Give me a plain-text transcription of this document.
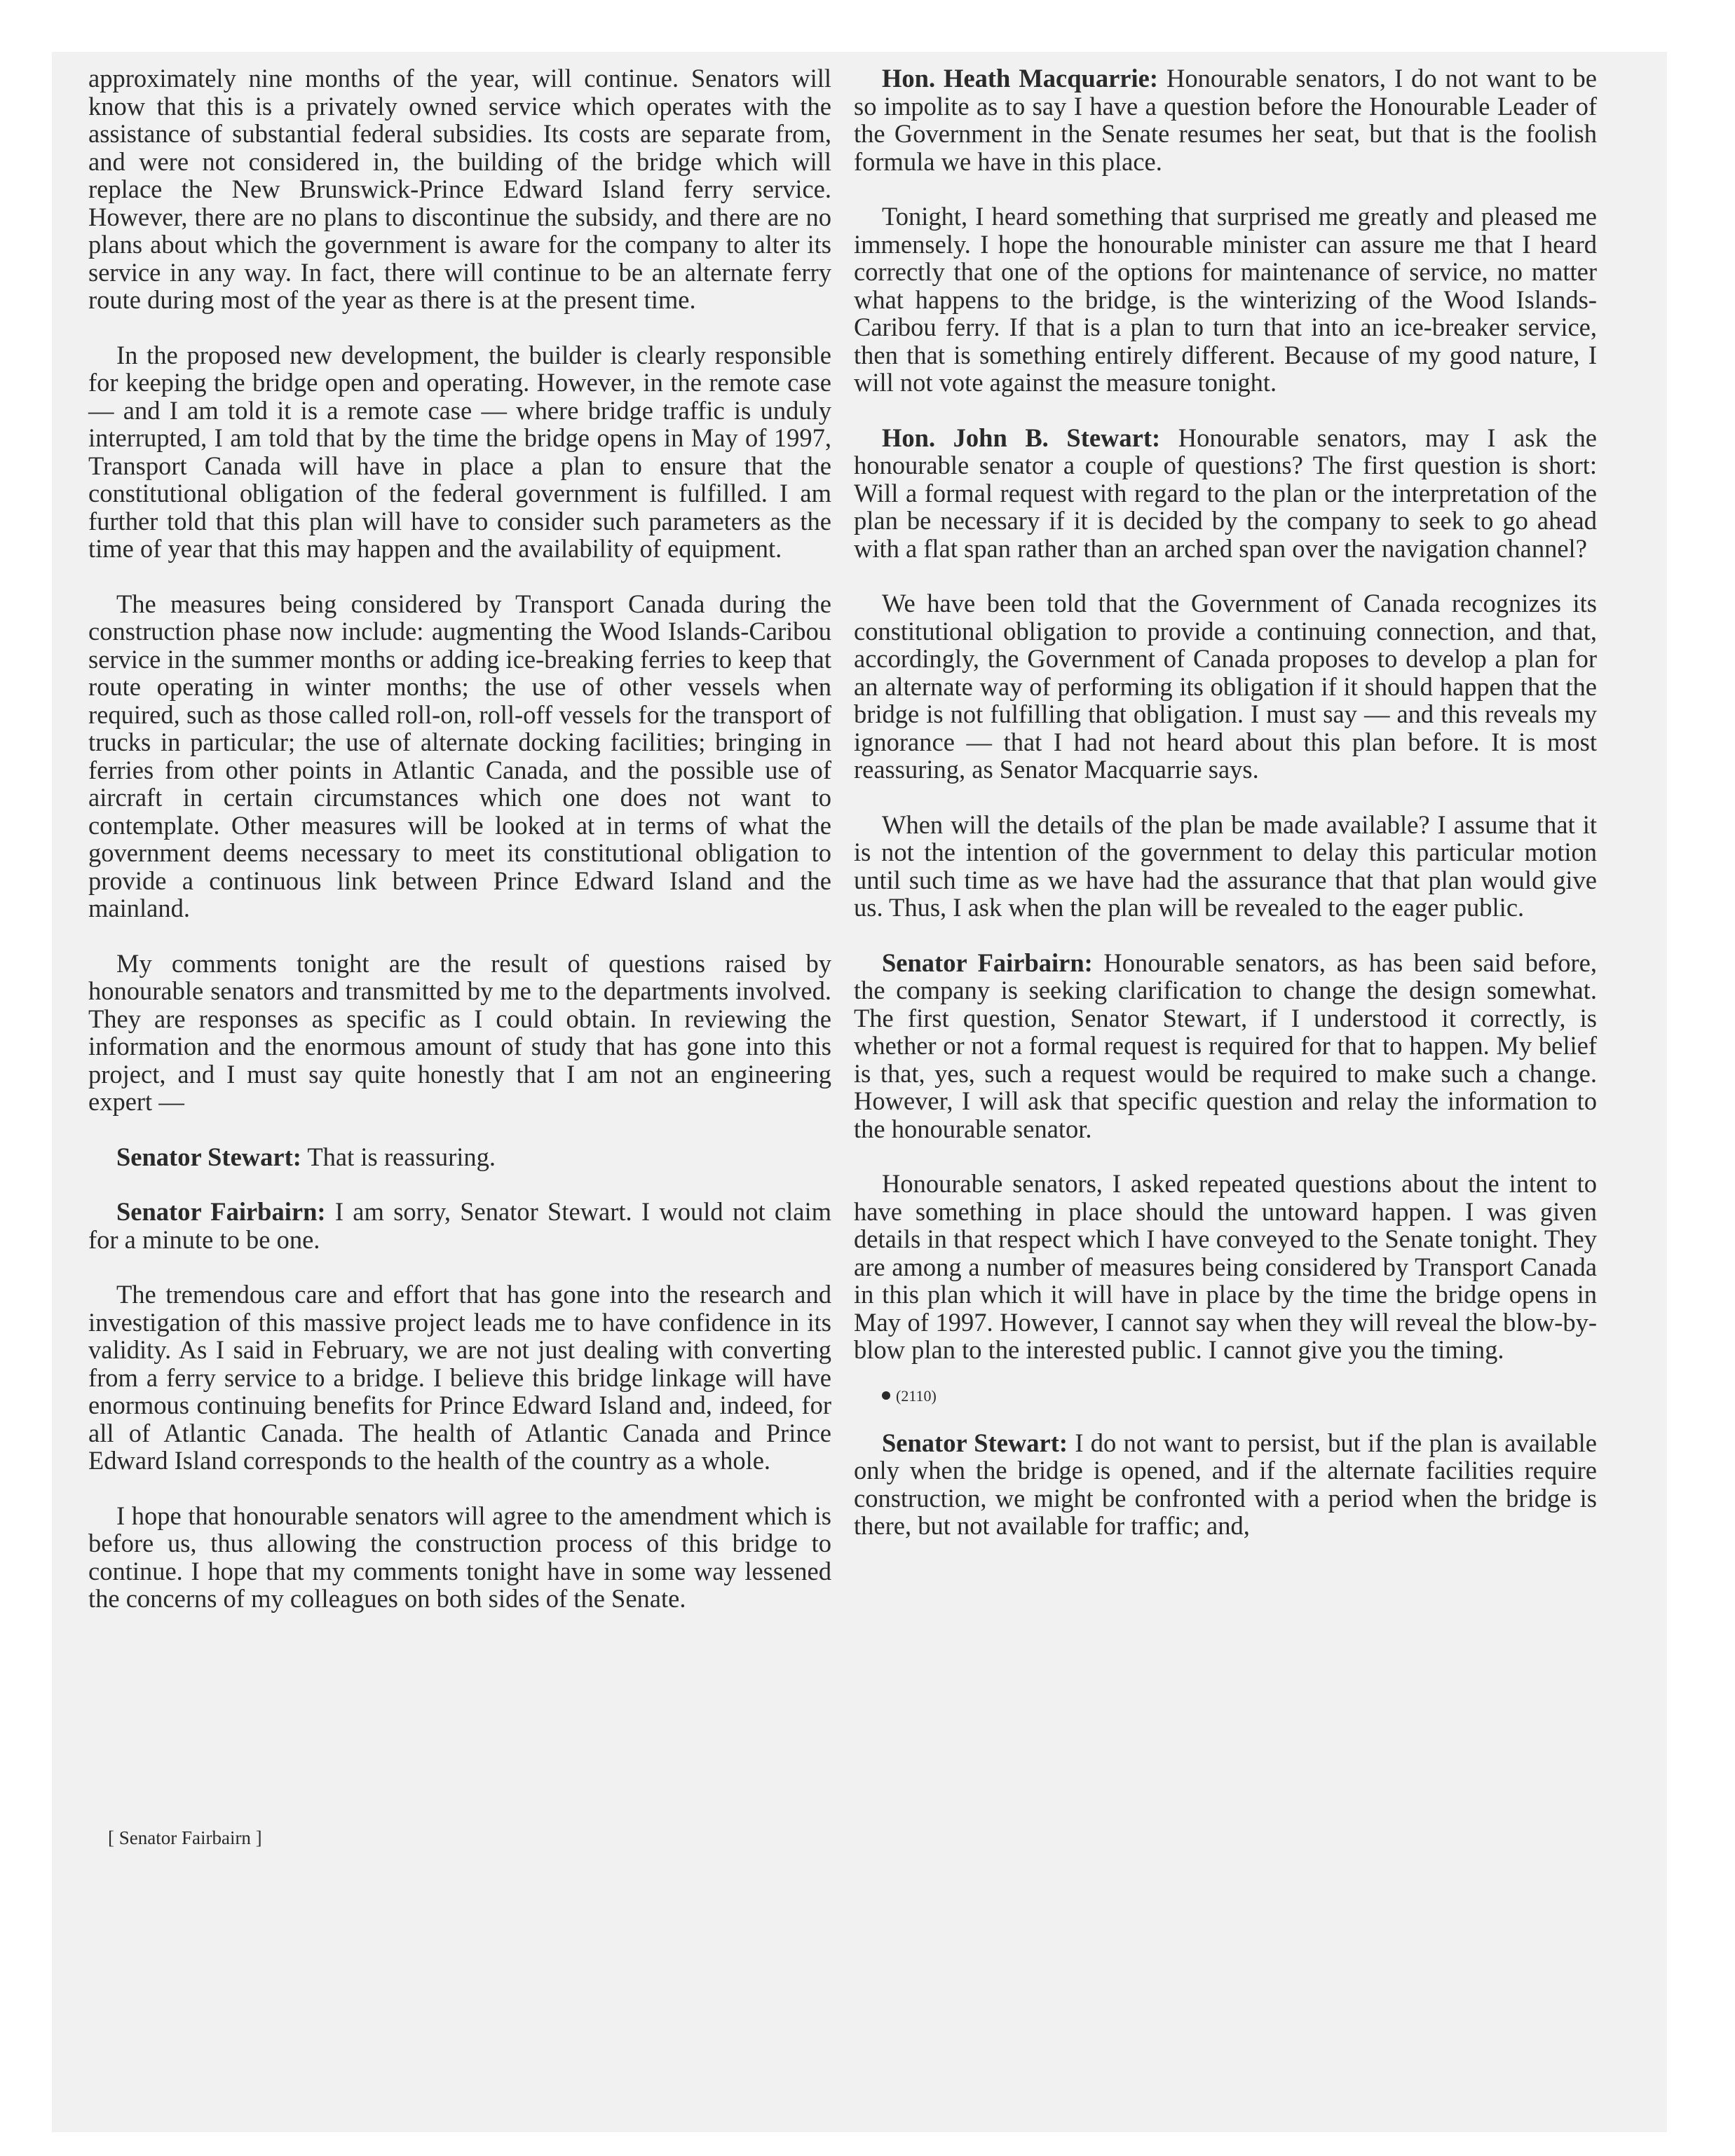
approximately nine months of the year, will continue. Senators will know that this is a privately owned service which operates with the assistance of substantial federal subsidies. Its costs are separate from, and were not considered in, the building of the bridge which will replace the New Brunswick-Prince Edward Island ferry service. However, there are no plans to discontinue the subsidy, and there are no plans about which the government is aware for the company to alter its service in any way. In fact, there will continue to be an alternate ferry route during most of the year as there is at the present time.

In the proposed new development, the builder is clearly responsible for keeping the bridge open and operating. However, in the remote case — and I am told it is a remote case — where bridge traffic is unduly interrupted, I am told that by the time the bridge opens in May of 1997, Transport Canada will have in place a plan to ensure that the constitutional obligation of the federal government is fulfilled. I am further told that this plan will have to consider such parameters as the time of year that this may happen and the availability of equipment.

The measures being considered by Transport Canada during the construction phase now include: augmenting the Wood Islands-Caribou service in the summer months or adding ice-breaking ferries to keep that route operating in winter months; the use of other vessels when required, such as those called roll-on, roll-off vessels for the transport of trucks in particular; the use of alternate docking facilities; bringing in ferries from other points in Atlantic Canada, and the possible use of aircraft in certain circumstances which one does not want to contemplate. Other measures will be looked at in terms of what the government deems necessary to meet its constitutional obligation to provide a continuous link between Prince Edward Island and the mainland.

My comments tonight are the result of questions raised by honourable senators and transmitted by me to the departments involved. They are responses as specific as I could obtain. In reviewing the information and the enormous amount of study that has gone into this project, and I must say quite honestly that I am not an engineering expert —

Senator Stewart: That is reassuring.

Senator Fairbairn: I am sorry, Senator Stewart. I would not claim for a minute to be one.

The tremendous care and effort that has gone into the research and investigation of this massive project leads me to have confidence in its validity. As I said in February, we are not just dealing with converting from a ferry service to a bridge. I believe this bridge linkage will have enormous continuing benefits for Prince Edward Island and, indeed, for all of Atlantic Canada. The health of Atlantic Canada and Prince Edward Island corresponds to the health of the country as a whole.

I hope that honourable senators will agree to the amendment which is before us, thus allowing the construction process of this bridge to continue. I hope that my comments tonight have in some way lessened the concerns of my colleagues on both sides of the Senate.

Hon. Heath Macquarrie: Honourable senators, I do not want to be so impolite as to say I have a question before the Honourable Leader of the Government in the Senate resumes her seat, but that is the foolish formula we have in this place.

Tonight, I heard something that surprised me greatly and pleased me immensely. I hope the honourable minister can assure me that I heard correctly that one of the options for maintenance of service, no matter what happens to the bridge, is the winterizing of the Wood Islands-Caribou ferry. If that is a plan to turn that into an ice-breaker service, then that is something entirely different. Because of my good nature, I will not vote against the measure tonight.

Hon. John B. Stewart: Honourable senators, may I ask the honourable senator a couple of questions? The first question is short: Will a formal request with regard to the plan or the interpretation of the plan be necessary if it is decided by the company to seek to go ahead with a flat span rather than an arched span over the navigation channel?

We have been told that the Government of Canada recognizes its constitutional obligation to provide a continuing connection, and that, accordingly, the Government of Canada proposes to develop a plan for an alternate way of performing its obligation if it should happen that the bridge is not fulfilling that obligation. I must say — and this reveals my ignorance — that I had not heard about this plan before. It is most reassuring, as Senator Macquarrie says.

When will the details of the plan be made available? I assume that it is not the intention of the government to delay this particular motion until such time as we have had the assurance that that plan would give us. Thus, I ask when the plan will be revealed to the eager public.

Senator Fairbairn: Honourable senators, as has been said before, the company is seeking clarification to change the design somewhat. The first question, Senator Stewart, if I understood it correctly, is whether or not a formal request is required for that to happen. My belief is that, yes, such a request would be required to make such a change. However, I will ask that specific question and relay the information to the honourable senator.

Honourable senators, I asked repeated questions about the intent to have something in place should the untoward happen. I was given details in that respect which I have conveyed to the Senate tonight. They are among a number of measures being considered by Transport Canada in this plan which it will have in place by the time the bridge opens in May of 1997. However, I cannot say when they will reveal the blow-by-blow plan to the interested public. I cannot give you the timing.

(2110)

Senator Stewart: I do not want to persist, but if the plan is available only when the bridge is opened, and if the alternate facilities require construction, we might be confronted with a period when the bridge is there, but not available for traffic; and,

[ Senator Fairbairn ]
